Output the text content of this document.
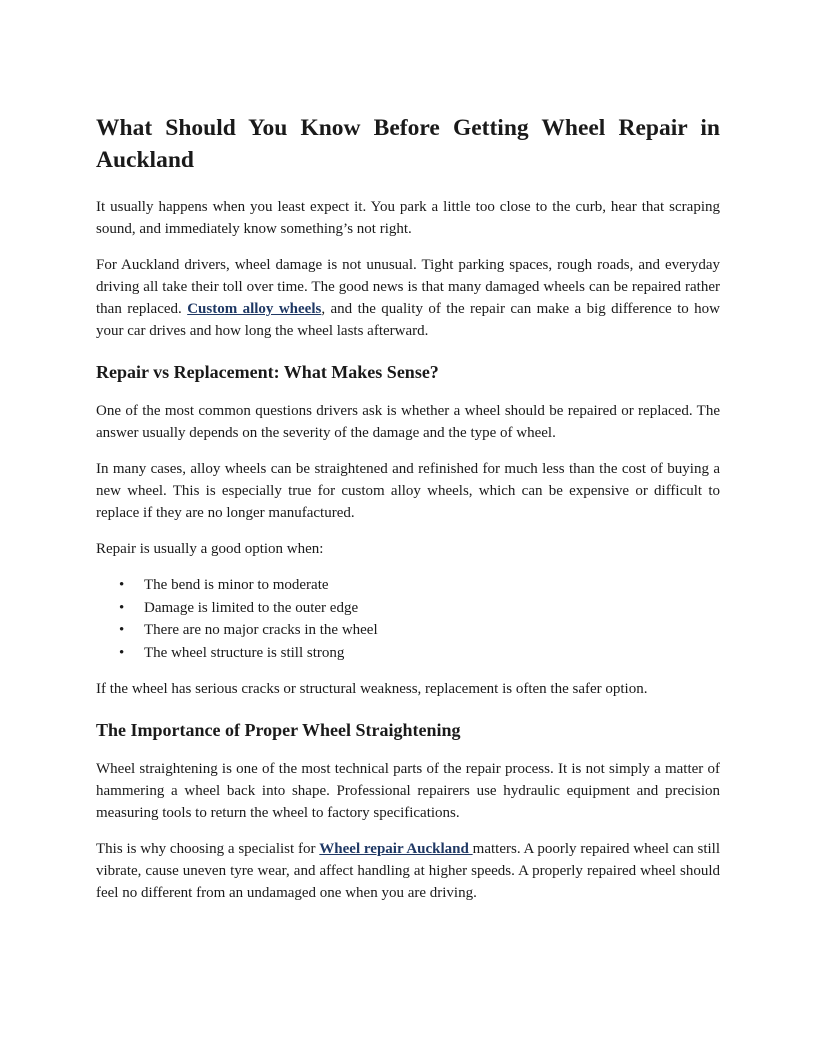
What Should You Know Before Getting Wheel Repair in Auckland

It usually happens when you least expect it. You park a little too close to the curb, hear that scraping sound, and immediately know something’s not right.

For Auckland drivers, wheel damage is not unusual. Tight parking spaces, rough roads, and everyday driving all take their toll over time. The good news is that many damaged wheels can be repaired rather than replaced. Custom alloy wheels, and the quality of the repair can make a big difference to how your car drives and how long the wheel lasts afterward.

Repair vs Replacement: What Makes Sense?

One of the most common questions drivers ask is whether a wheel should be repaired or replaced. The answer usually depends on the severity of the damage and the type of wheel.

In many cases, alloy wheels can be straightened and refinished for much less than the cost of buying a new wheel. This is especially true for custom alloy wheels, which can be expensive or difficult to replace if they are no longer manufactured.

Repair is usually a good option when:

• The bend is minor to moderate
• Damage is limited to the outer edge
• There are no major cracks in the wheel
• The wheel structure is still strong

If the wheel has serious cracks or structural weakness, replacement is often the safer option.

The Importance of Proper Wheel Straightening

Wheel straightening is one of the most technical parts of the repair process. It is not simply a matter of hammering a wheel back into shape. Professional repairers use hydraulic equipment and precision measuring tools to return the wheel to factory specifications.

This is why choosing a specialist for Wheel repair Auckland matters. A poorly repaired wheel can still vibrate, cause uneven tyre wear, and affect handling at higher speeds. A properly repaired wheel should feel no different from an undamaged one when you are driving.
